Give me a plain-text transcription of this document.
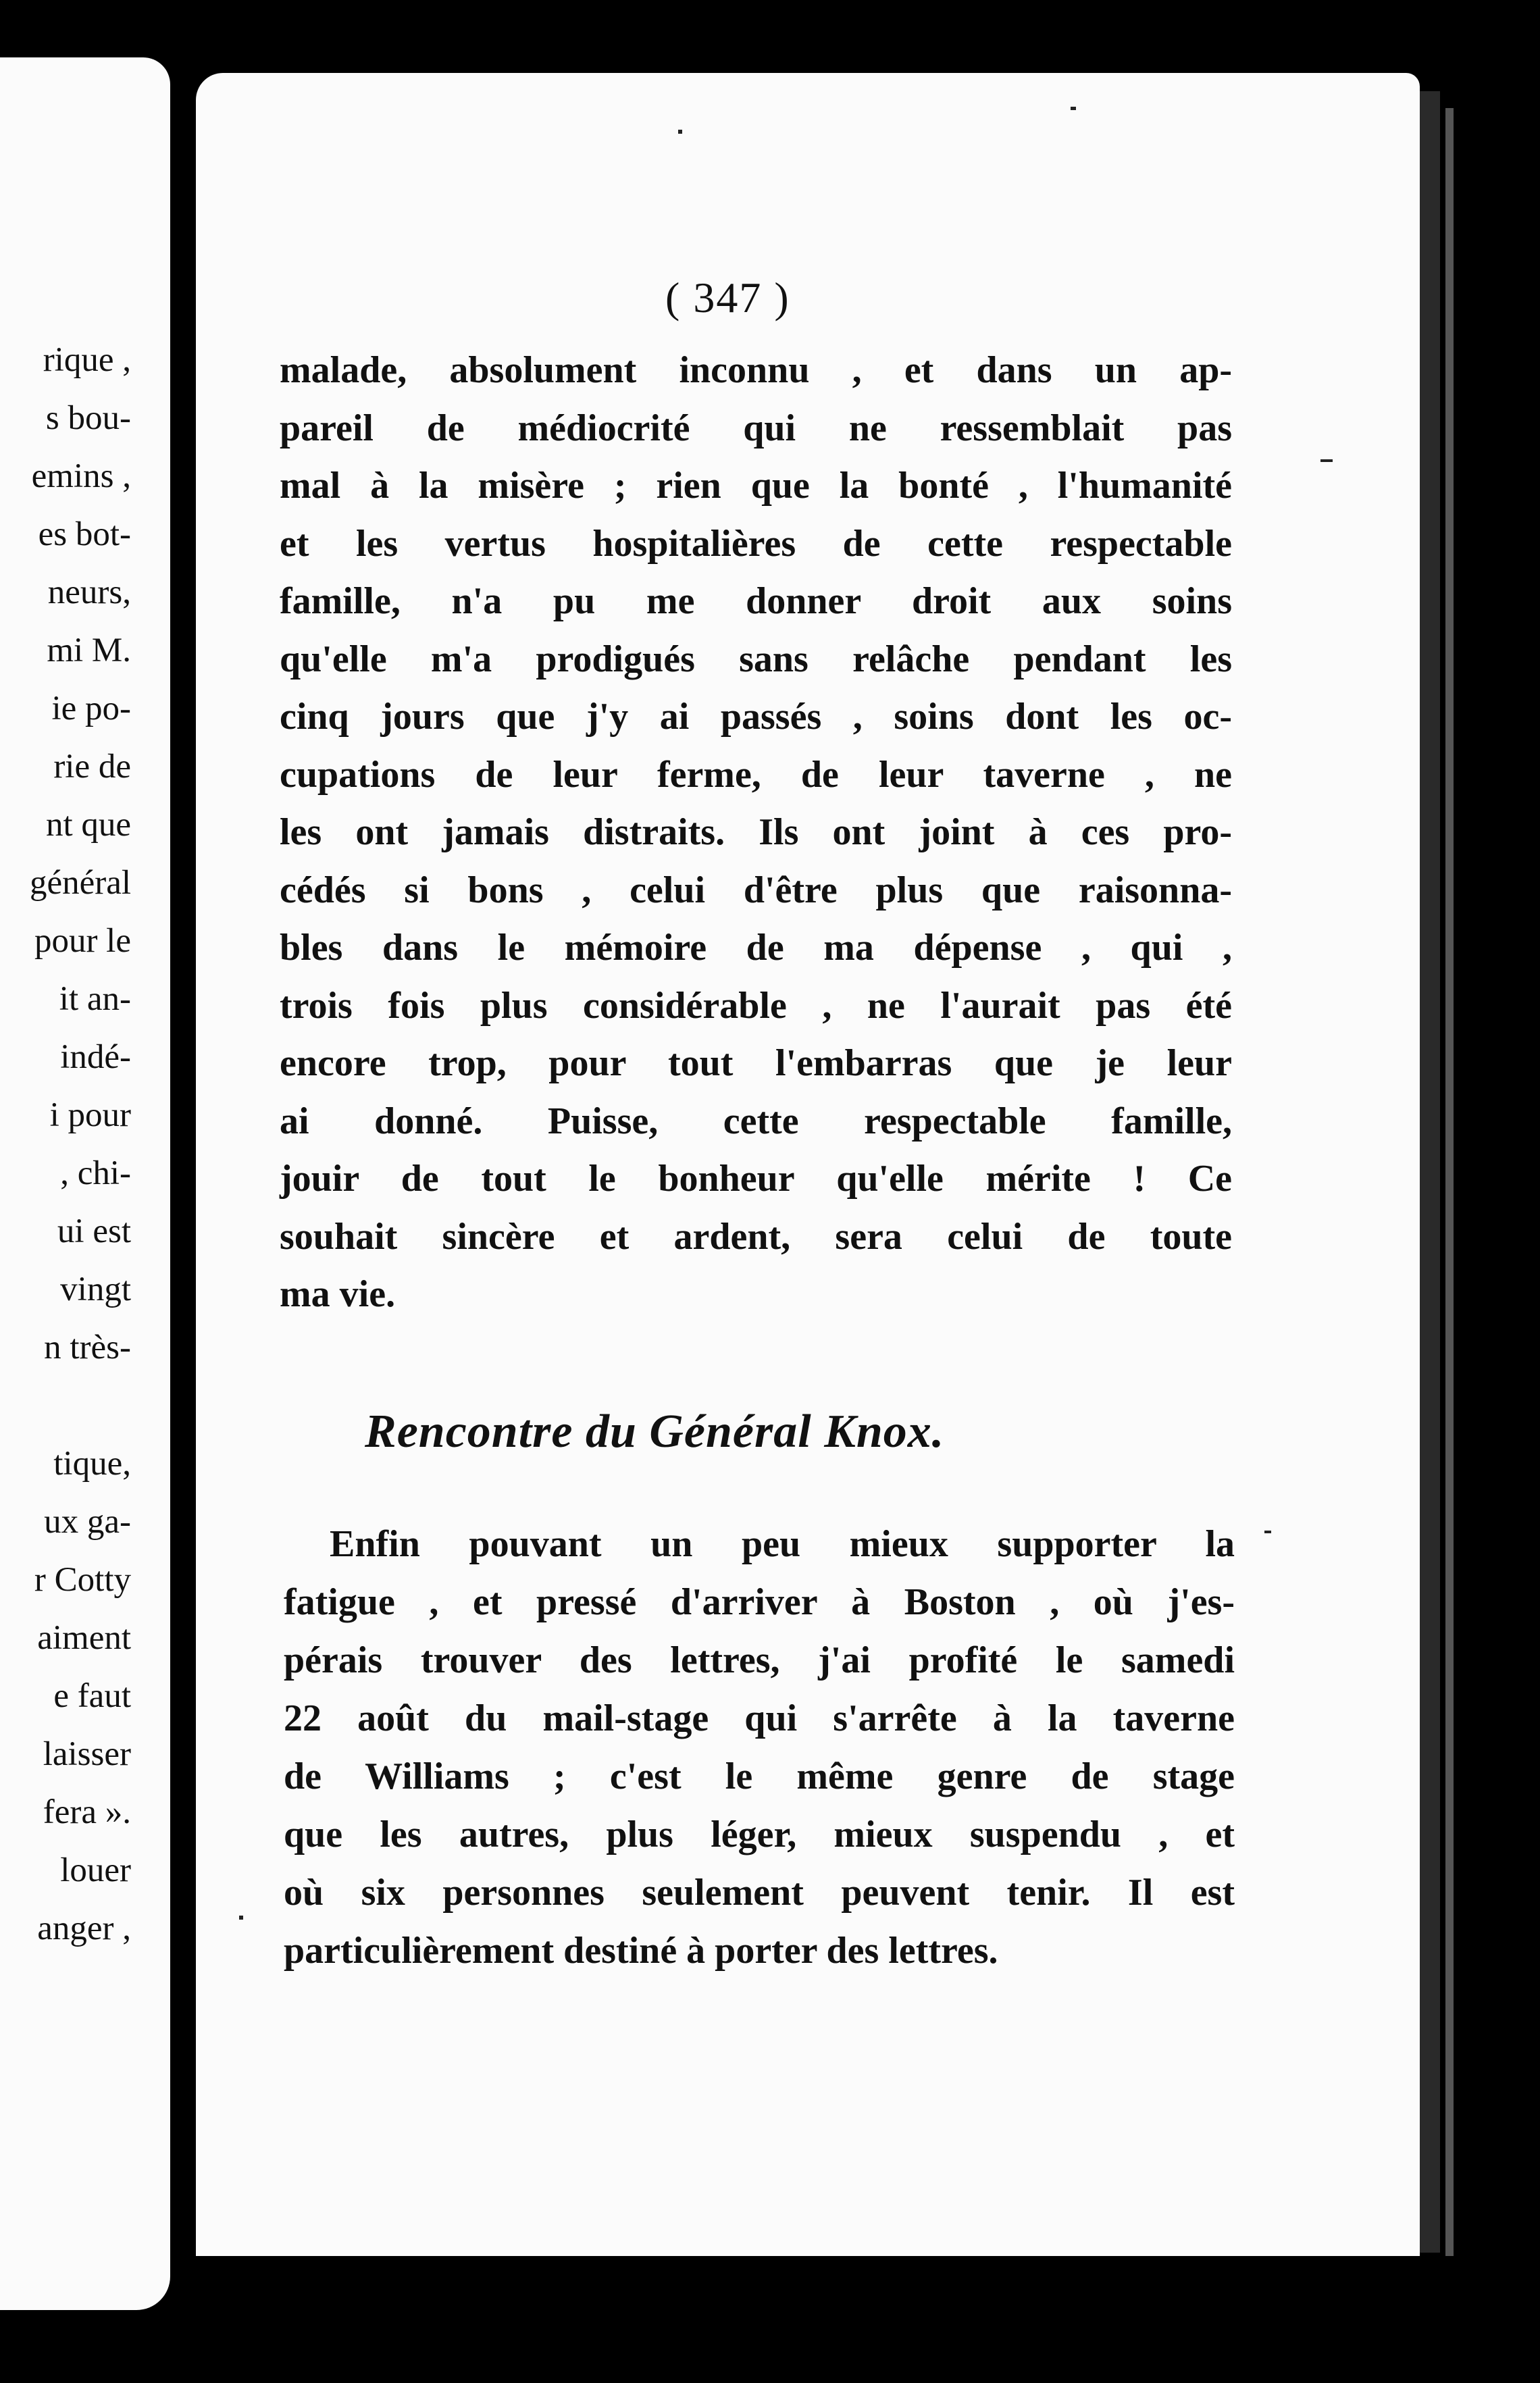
rique ,
s bou-
emins ,
es bot-
neurs,
mi M.
ie po-
rie de
nt que
général
pour le
it an-
indé-
i pour
, chi-
ui est
vingt
n très-
tique,
ux ga-
r Cotty
aiment
e faut
laisser
fera ».
louer
anger ,
( 347 )
malade, absolument inconnu , et dans un ap-
pareil de médiocrité qui ne ressemblait pas
mal à la misère ; rien que la bonté , l'humanité
et les vertus hospitalières de cette respectable
famille, n'a pu me donner droit aux soins
qu'elle m'a prodigués sans relâche pendant les
cinq jours que j'y ai passés , soins dont les oc-
cupations de leur ferme, de leur taverne , ne
les ont jamais distraits. Ils ont joint à ces pro-
cédés si bons , celui d'être plus que raisonna-
bles dans le mémoire de ma dépense , qui ,
trois fois plus considérable , ne l'aurait pas été
encore trop, pour tout l'embarras que je leur
ai donné. Puisse, cette respectable famille,
jouir de tout le bonheur qu'elle mérite ! Ce
souhait sincère et ardent, sera celui de toute
ma vie.
Rencontre du Général Knox.
Enfin pouvant un peu mieux supporter la
fatigue , et pressé d'arriver à Boston , où j'es-
pérais trouver des lettres, j'ai profité le samedi
22 août du mail-stage qui s'arrête à la taverne
de Williams ; c'est le même genre de stage
que les autres, plus léger, mieux suspendu , et
où six personnes seulement peuvent tenir. Il est
particulièrement destiné à porter des lettres.
